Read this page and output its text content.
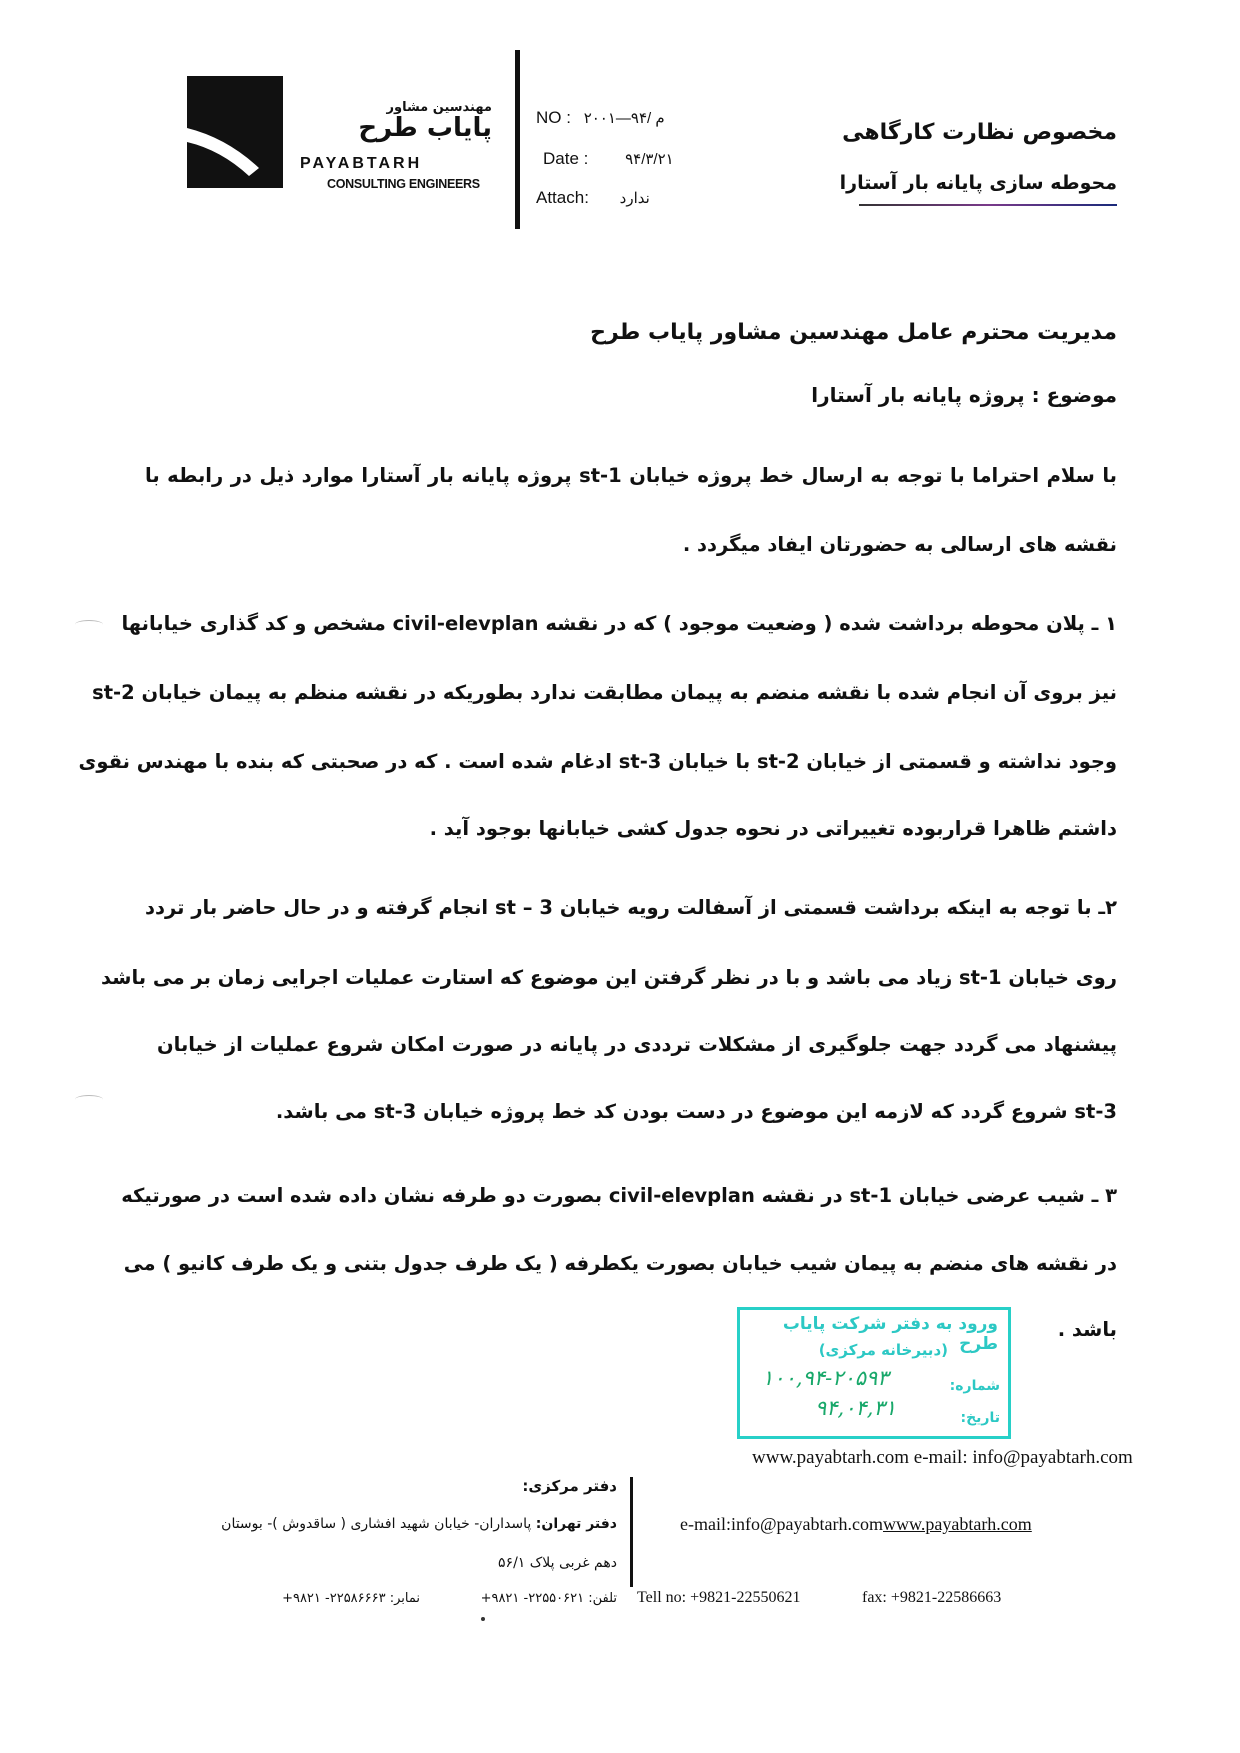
مهندسین مشاور
پایاب طرح
PAYABTARH
CONSULTING ENGINEERS
NO : ۲۰۰۱—۹۴/ م
Date : ۹۴/۳/۲۱
Attach: ندارد
مخصوص نظارت کارگاهی
محوطه سازی پایانه بار آستارا
مدیریت محترم عامل مهندسین مشاور پایاب طرح
موضوع : پروژه پایانه بار آستارا
با سلام احتراما با توجه به ارسال خط پروژه خیابان st-1 پروژه پایانه بار آستارا موارد ذیل در رابطه با
نقشه های ارسالی به حضورتان ایفاد میگردد .
۱ ـ پلان محوطه برداشت شده ( وضعیت موجود ) که در نقشه civil-elevplan مشخص و کد گذاری خیابانها
نیز بروی آن انجام شده با نقشه منضم به پیمان مطابقت ندارد بطوریکه در نقشه منظم به پیمان خیابان st-2
وجود نداشته و قسمتی از خیابان st-2 با خیابان st-3 ادغام شده است . که در صحبتی که بنده با مهندس نقوی
داشتم ظاهرا قراربوده تغییراتی در نحوه جدول کشی خیابانها بوجود آید .
۲ـ با توجه به اینکه برداشت قسمتی از آسفالت رویه خیابان st – 3 انجام گرفته و در حال حاضر بار تردد
روی خیابان st-1 زیاد می باشد و با در نظر گرفتن این موضوع که استارت عملیات اجرایی زمان بر می باشد
پیشنهاد می گردد جهت جلوگیری از مشکلات ترددی در پایانه در صورت امکان شروع عملیات از خیابان
st-3 شروع گردد که لازمه این موضوع در دست بودن کد خط پروژه خیابان st-3 می باشد.
۳ ـ شیب عرضی خیابان st-1 در نقشه civil-elevplan بصورت دو طرفه نشان داده شده است در صورتیکه
در نقشه های منضم به پیمان شیب خیابان بصورت یکطرفه ( یک طرف جدول بتنی و یک طرف کانیو ) می
باشد .
ورود به دفتر شرکت پایاب طرح
(دبیرخانه مرکزی)
شماره:
۱۰۰,۹۴-۲۰۵۹۳
تاریخ:
۹۴,۰۴,۳۱
www.payabtarh.com e-mail: info@payabtarh.com
دفتر مرکزی:
دفتر تهران: پاسداران- خیابان شهید افشاری ( ساقدوش )- بوستان
دهم غربی پلاک ۵۶/۱
تلفن: ۲۲۵۵۰۶۲۱- ۹۸۲۱+
نمابر: ۲۲۵۸۶۶۶۳- ۹۸۲۱+
e-mail:info@payabtarh.comwww.payabtarh.com
Tell no: +9821-22550621	fax: +9821-22586663
